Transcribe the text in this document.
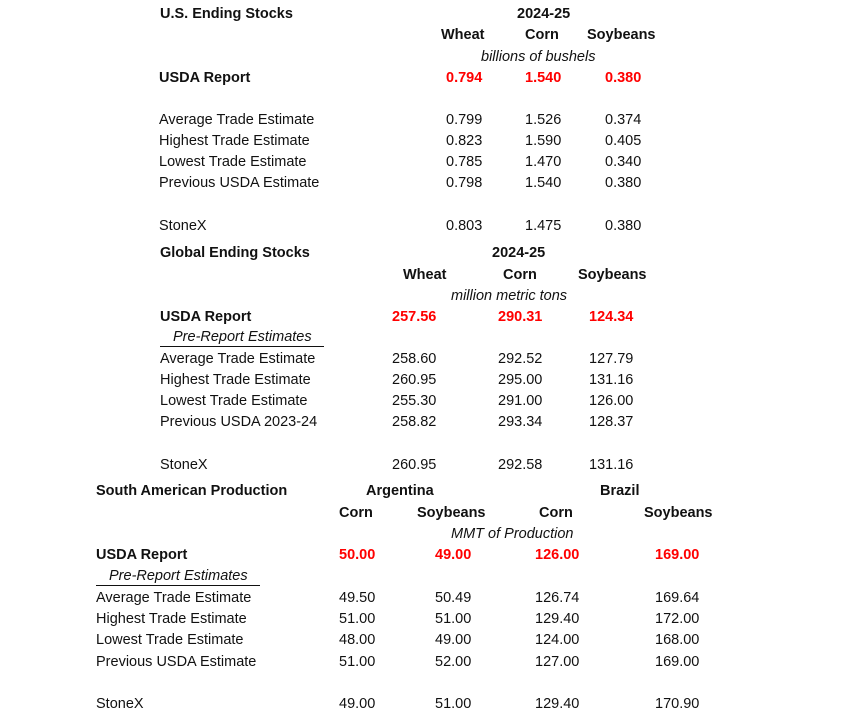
U.S. Ending Stocks	2024-25
Wheat	Corn Soybeans
billions of bushels
USDA Report	0.794	1.540	0.380
Average Trade Estimate	0.799	1.526	0.374
Highest Trade Estimate	0.823	1.590	0.405
Lowest Trade Estimate	0.785	1.470	0.340
Previous USDA Estimate	0.798	1.540	0.380
StoneX	0.803	1.475	0.380
Global Ending Stocks	2024-25
Wheat	Corn	Soybeans
million metric tons
USDA Report	257.56	290.31	124.34
Pre-Report Estimates
Average Trade Estimate	258.60	292.52	127.79
Highest Trade Estimate	260.95	295.00	131.16
Lowest Trade Estimate	255.30	291.00	126.00
Previous USDA 2023-24	258.82	293.34	128.37
StoneX	260.95	292.58	131.16
South American Production	Argentina	Brazil
Corn	Soybeans	Corn	Soybeans
MMT of Production
USDA Report	50.00	49.00	126.00	169.00
Pre-Report Estimates
Average Trade Estimate	49.50	50.49	126.74	169.64
Highest Trade Estimate	51.00	51.00	129.40	172.00
Lowest Trade Estimate	48.00	49.00	124.00	168.00
Previous USDA Estimate	51.00	52.00	127.00	169.00
StoneX	49.00	51.00	129.40	170.90
